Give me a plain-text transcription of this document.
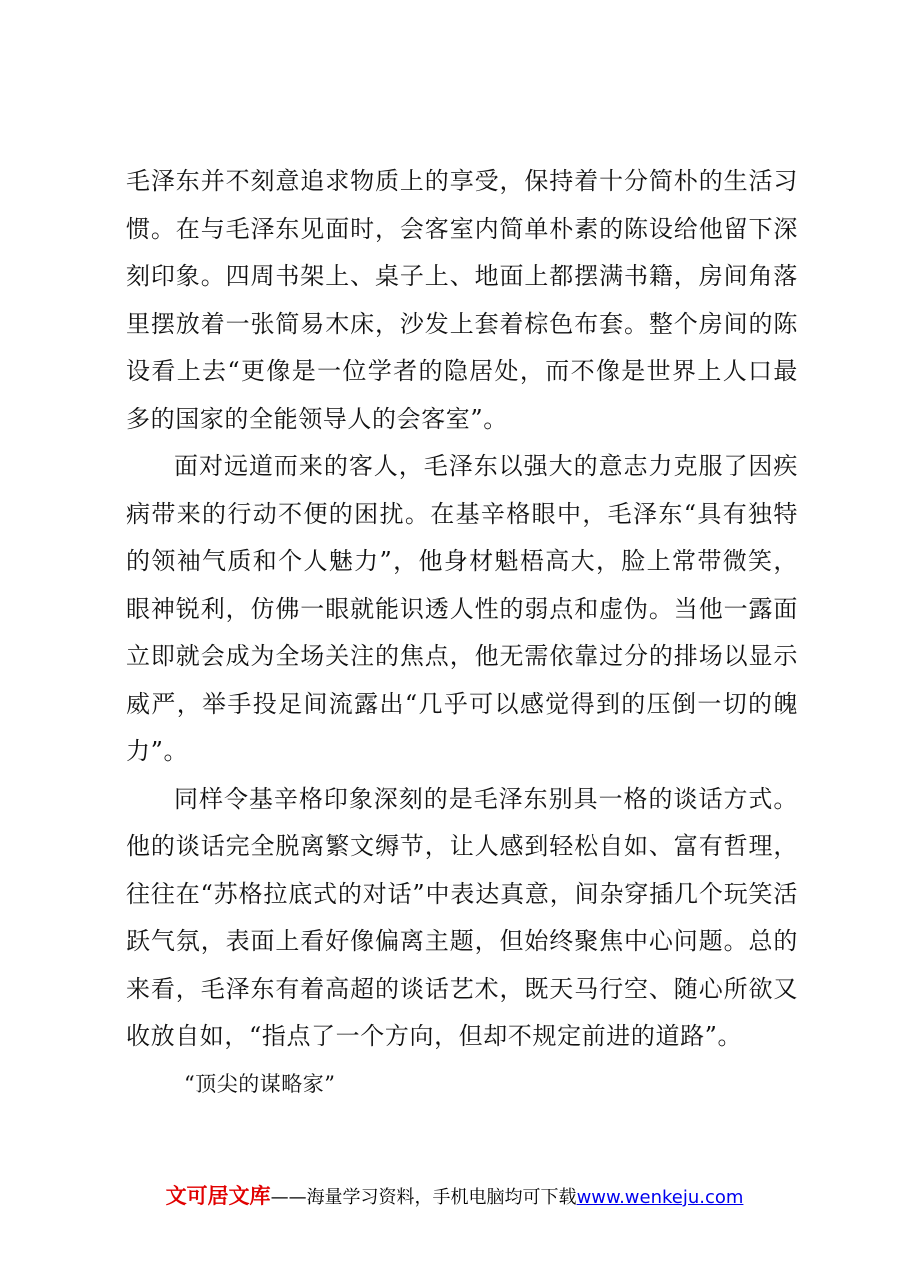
毛泽东并不刻意追求物质上的享受，保持着十分简朴的生活习惯。在与毛泽东见面时，会客室内简单朴素的陈设给他留下深刻印象。四周书架上、桌子上、地面上都摆满书籍，房间角落里摆放着一张简易木床，沙发上套着棕色布套。整个房间的陈设看上去“更像是一位学者的隐居处，而不像是世界上人口最多的国家的全能领导人的会客室”。

面对远道而来的客人，毛泽东以强大的意志力克服了因疾病带来的行动不便的困扰。在基辛格眼中，毛泽东“具有独特的领袖气质和个人魅力”，他身材魁梧高大，脸上常带微笑，眼神锐利，仿佛一眼就能识透人性的弱点和虚伪。当他一露面立即就会成为全场关注的焦点，他无需依靠过分的排场以显示威严，举手投足间流露出“几乎可以感觉得到的压倒一切的魄力”。

同样令基辛格印象深刻的是毛泽东别具一格的谈话方式。他的谈话完全脱离繁文缛节，让人感到轻松自如、富有哲理，往往在“苏格拉底式的对话”中表达真意，间杂穿插几个玩笑活跃气氛，表面上看好像偏离主题，但始终聚焦中心问题。总的来看，毛泽东有着高超的谈话艺术，既天马行空、随心所欲又收放自如，“指点了一个方向，但却不规定前进的道路”。

“顶尖的谋略家”

文可居文库——海量学习资料，手机电脑均可下载www.wenkeju.com
